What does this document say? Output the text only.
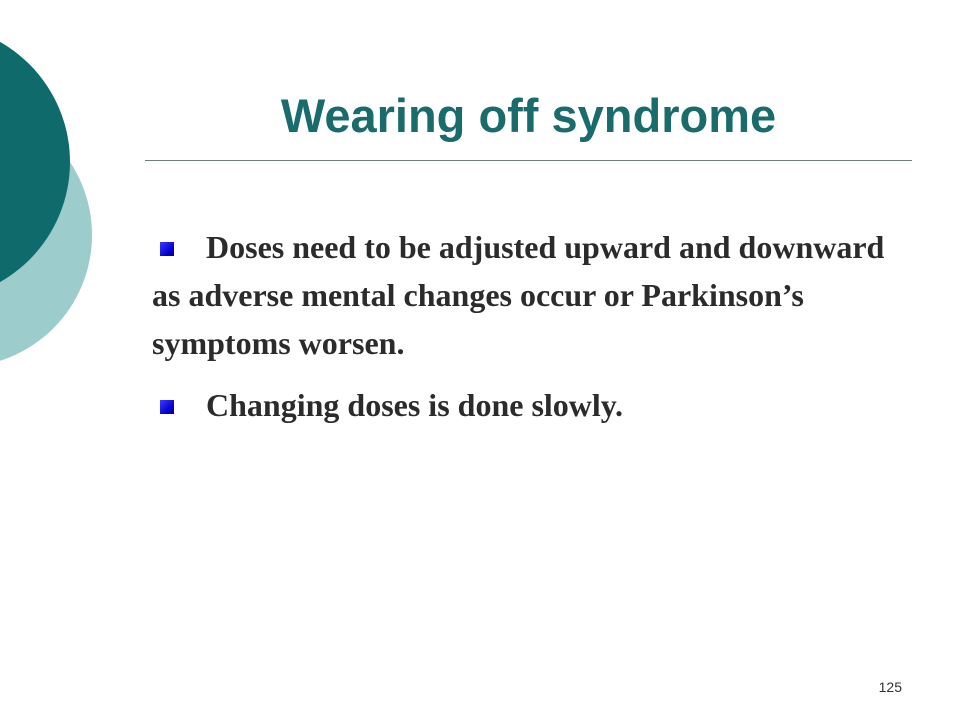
Wearing off syndrome

Doses need to be adjusted upward and downward as adverse mental changes occur or Parkinson’s symptoms worsen.

Changing doses is done slowly.

125
